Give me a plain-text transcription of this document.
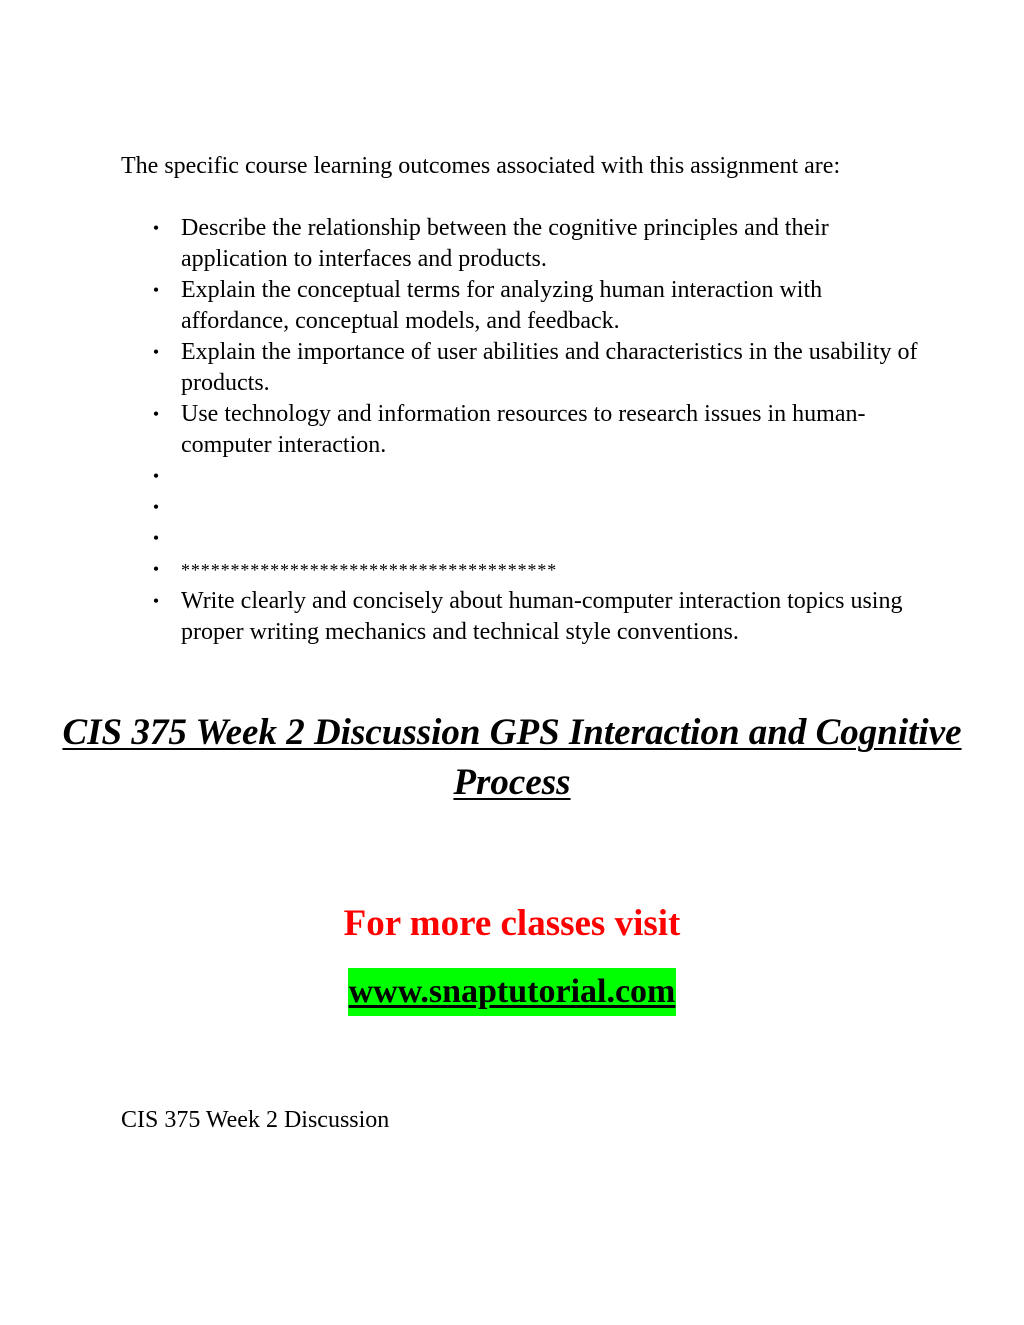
The specific course learning outcomes associated with this assignment are:

• Describe the relationship between the cognitive principles and their application to interfaces and products.
• Explain the conceptual terms for analyzing human interaction with affordance, conceptual models, and feedback.
• Explain the importance of user abilities and characteristics in the usability of products.
• Use technology and information resources to research issues in human-computer interaction.
•
•
•
• **************************************
• Write clearly and concisely about human-computer interaction topics using proper writing mechanics and technical style conventions.
CIS 375 Week 2 Discussion GPS Interaction and Cognitive Process

For more classes visit

www.snaptutorial.com

CIS 375 Week 2 Discussion
